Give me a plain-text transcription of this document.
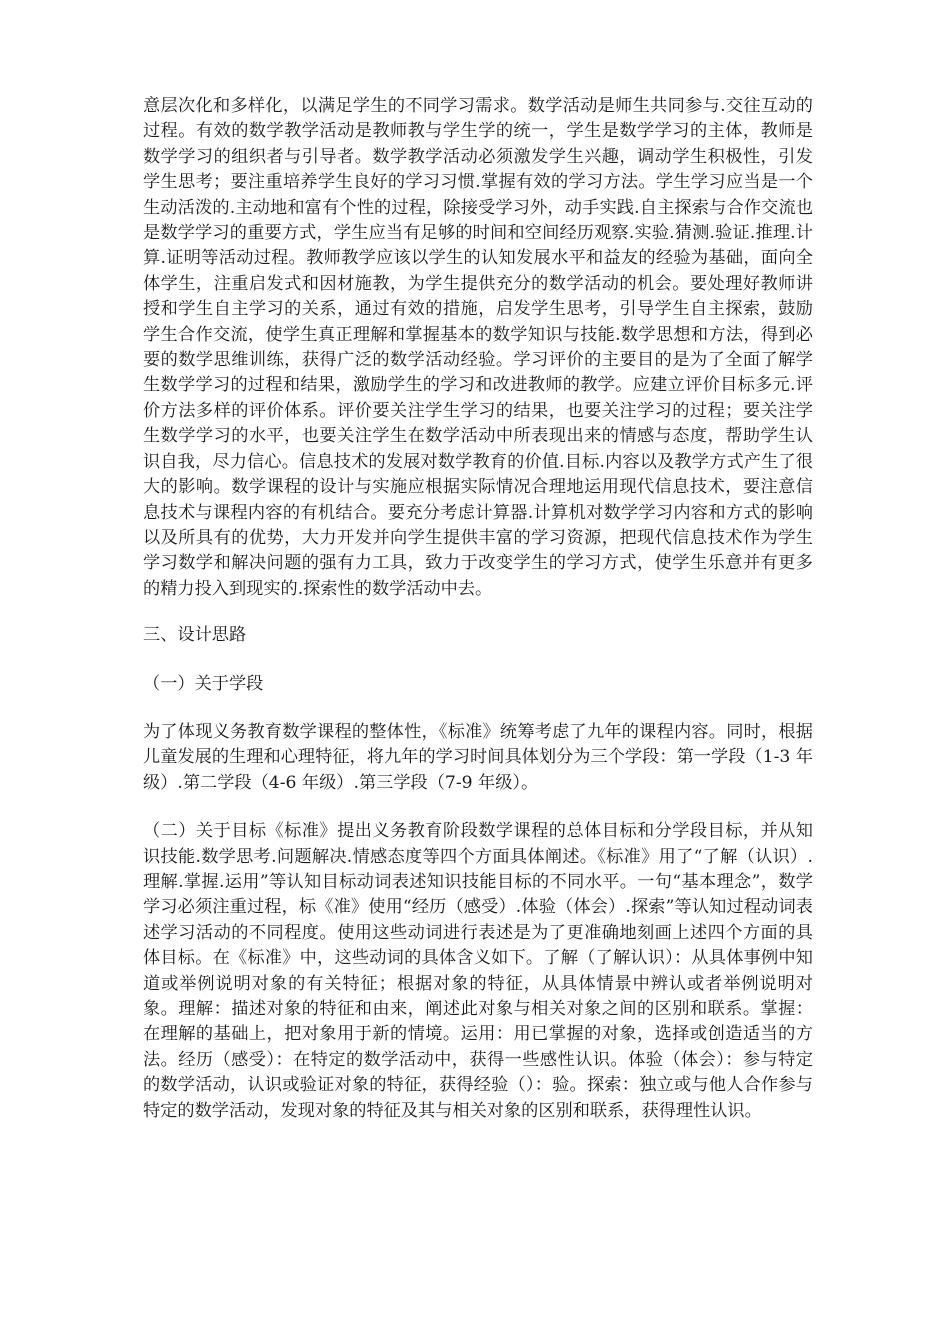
意层次化和多样化，以满足学生的不同学习需求。数学活动是师生共同参与.交往互动的过程。有效的数学教学活动是教师教与学生学的统一，学生是数学学习的主体，教师是数学学习的组织者与引导者。数学教学活动必须激发学生兴趣，调动学生积极性，引发学生思考；要注重培养学生良好的学习习惯.掌握有效的学习方法。学生学习应当是一个生动活泼的.主动地和富有个性的过程，除接受学习外，动手实践.自主探索与合作交流也是数学学习的重要方式，学生应当有足够的时间和空间经历观察.实验.猜测.验证.推理.计算.证明等活动过程。教师教学应该以学生的认知发展水平和益友的经验为基础，面向全体学生，注重启发式和因材施教，为学生提供充分的数学活动的机会。要处理好教师讲授和学生自主学习的关系，通过有效的措施，启发学生思考，引导学生自主探索，鼓励学生合作交流，使学生真正理解和掌握基本的数学知识与技能.数学思想和方法，得到必要的数学思维训练，获得广泛的数学活动经验。学习评价的主要目的是为了全面了解学生数学学习的过程和结果，激励学生的学习和改进教师的教学。应建立评价目标多元.评价方法多样的评价体系。评价要关注学生学习的结果，也要关注学习的过程；要关注学生数学学习的水平，也要关注学生在数学活动中所表现出来的情感与态度，帮助学生认识自我，尽力信心。信息技术的发展对数学教育的价值.目标.内容以及教学方式产生了很大的影响。数学课程的设计与实施应根据实际情况合理地运用现代信息技术，要注意信息技术与课程内容的有机结合。要充分考虑计算器.计算机对数学学习内容和方式的影响以及所具有的优势，大力开发并向学生提供丰富的学习资源，把现代信息技术作为学生学习数学和解决问题的强有力工具，致力于改变学生的学习方式，使学生乐意并有更多的精力投入到现实的.探索性的数学活动中去。

三、设计思路

（一）关于学段

为了体现义务教育数学课程的整体性，《标准》统筹考虑了九年的课程内容。同时，根据儿童发展的生理和心理特征，将九年的学习时间具体划分为三个学段：第一学段（1-3 年级）.第二学段（4-6 年级）.第三学段（7-9 年级）。

（二）关于目标《标准》提出义务教育阶段数学课程的总体目标和分学段目标，并从知识技能.数学思考.问题解决.情感态度等四个方面具体阐述。《标准》用了“了解（认识）.理解.掌握.运用”等认知目标动词表述知识技能目标的不同水平。一句“基本理念”，数学学习必须注重过程，标《准》使用“经历（感受）.体验（体会）.探索”等认知过程动词表述学习活动的不同程度。使用这些动词进行表述是为了更准确地刻画上述四个方面的具体目标。在《标准》中，这些动词的具体含义如下。了解（了解认识）：从具体事例中知道或举例说明对象的有关特征；根据对象的特征，从具体情景中辨认或者举例说明对象。理解：描述对象的特征和由来，阐述此对象与相关对象之间的区别和联系。掌握：在理解的基础上，把对象用于新的情境。运用：用已掌握的对象，选择或创造适当的方法。经历（感受）：在特定的数学活动中，获得一些感性认识。体验（体会）：参与特定的数学活动，认识或验证对象的特征，获得经验（）：验。探索：独立或与他人合作参与特定的数学活动，发现对象的特征及其与相关对象的区别和联系，获得理性认识。
